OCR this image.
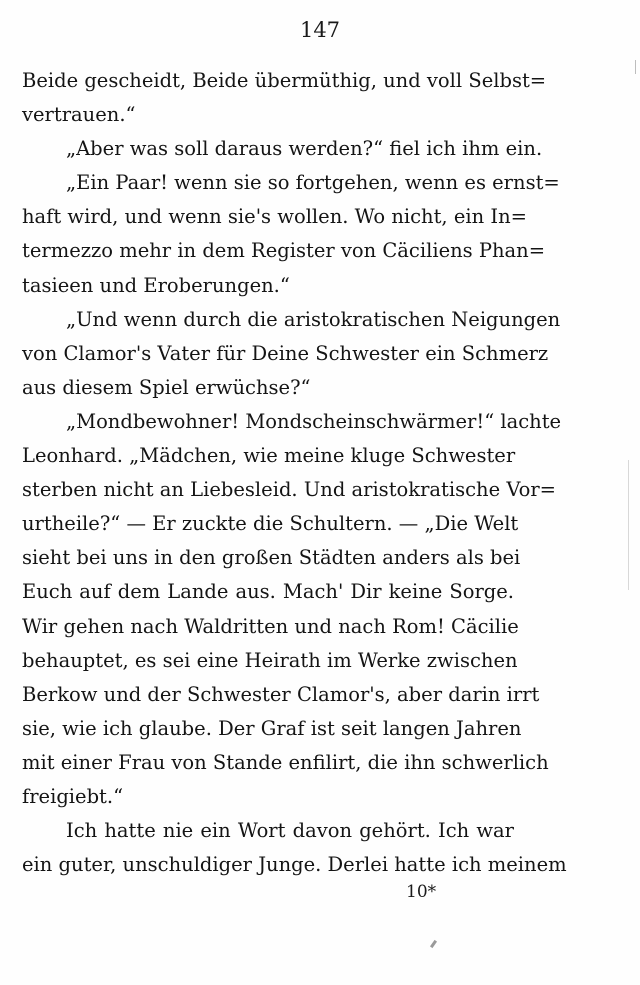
147
Beide gescheidt, Beide übermüthig, und voll Selbst=
vertrauen.“
„Aber was soll daraus werden?“ fiel ich ihm ein.
„Ein Paar! wenn sie so fortgehen, wenn es ernst=
haft wird, und wenn sie's wollen. Wo nicht, ein In=
termezzo mehr in dem Register von Cäciliens Phan=
tasieen und Eroberungen.“
„Und wenn durch die aristokratischen Neigungen
von Clamor's Vater für Deine Schwester ein Schmerz
aus diesem Spiel erwüchse?“
„Mondbewohner! Mondscheinschwärmer!“ lachte
Leonhard. „Mädchen, wie meine kluge Schwester
sterben nicht an Liebesleid. Und aristokratische Vor=
urtheile?“ — Er zuckte die Schultern. — „Die Welt
sieht bei uns in den großen Städten anders als bei
Euch auf dem Lande aus. Mach' Dir keine Sorge.
Wir gehen nach Waldritten und nach Rom! Cäcilie
behauptet, es sei eine Heirath im Werke zwischen
Berkow und der Schwester Clamor's, aber darin irrt
sie, wie ich glaube. Der Graf ist seit langen Jahren
mit einer Frau von Stande enfilirt, die ihn schwerlich
freigiebt.“
Ich hatte nie ein Wort davon gehört. Ich war
ein guter, unschuldiger Junge. Derlei hatte ich meinem
10*
